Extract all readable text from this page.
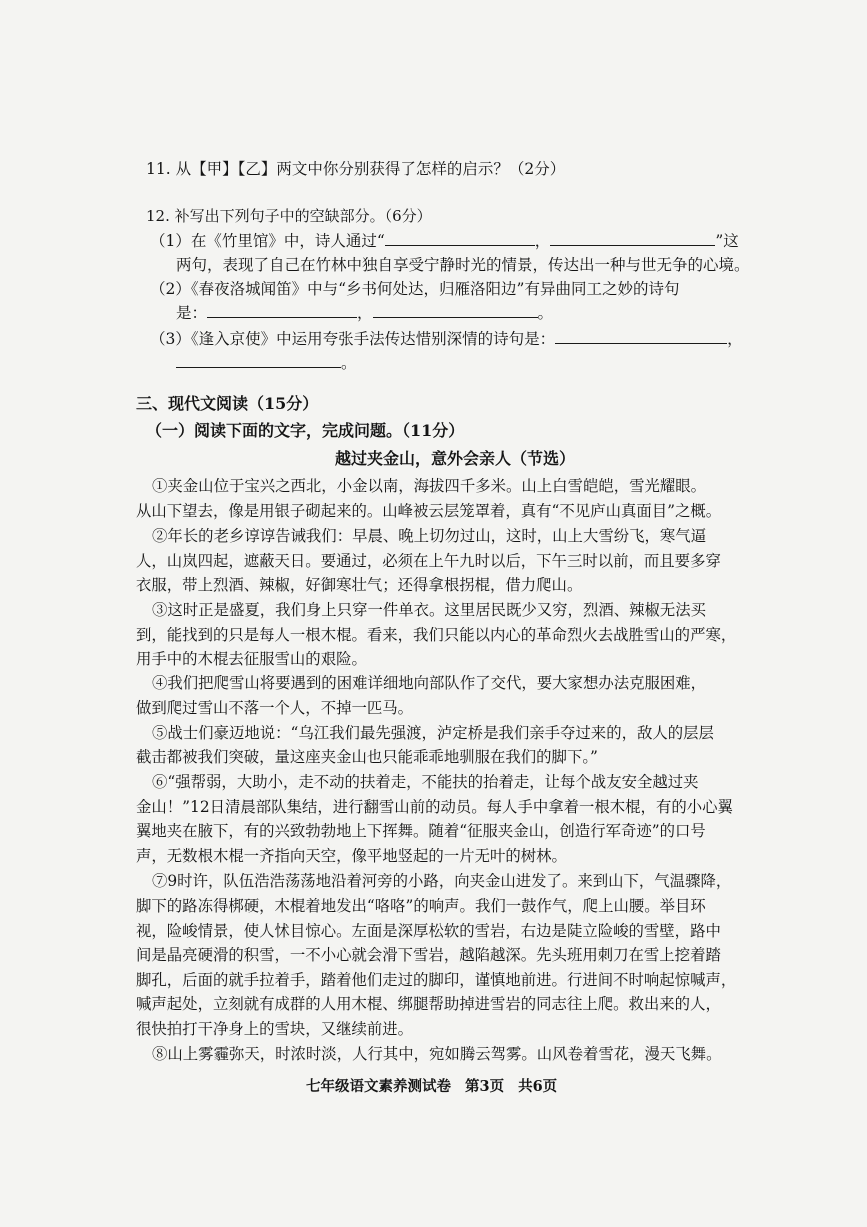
11. 从【甲】【乙】两文中你分别获得了怎样的启示？（2分）
12. 补写出下列句子中的空缺部分。（6分）
（1）在《竹里馆》中，诗人通过“	，	”这
两句，表现了自己在竹林中独自享受宁静时光的情景，传达出一种与世无争的心境。
（2）《春夜洛城闻笛》中与“乡书何处达，归雁洛阳边”有异曲同工之妙的诗句
是：	，	。
（3）《逢入京使》中运用夸张手法传达惜别深情的诗句是：	，
。
三、现代文阅读（15分）
（一）阅读下面的文字，完成问题。（11分）
越过夹金山，意外会亲人（节选）
①夹金山位于宝兴之西北，小金以南，海拔四千多米。山上白雪皑皑，雪光耀眼。
从山下望去，像是用银子砌起来的。山峰被云层笼罩着，真有“不见庐山真面目”之概。
②年长的老乡谆谆告诫我们：早晨、晚上切勿过山，这时，山上大雪纷飞，寒气逼
人，山岚四起，遮蔽天日。要通过，必须在上午九时以后，下午三时以前，而且要多穿
衣服，带上烈酒、辣椒，好御寒壮气；还得拿根拐棍，借力爬山。
③这时正是盛夏，我们身上只穿一件单衣。这里居民既少又穷，烈酒、辣椒无法买
到，能找到的只是每人一根木棍。看来，我们只能以内心的革命烈火去战胜雪山的严寒，
用手中的木棍去征服雪山的艰险。
④我们把爬雪山将要遇到的困难详细地向部队作了交代，要大家想办法克服困难，
做到爬过雪山不落一个人，不掉一匹马。
⑤战士们豪迈地说：“乌江我们最先强渡，泸定桥是我们亲手夺过来的，敌人的层层
截击都被我们突破，量这座夹金山也只能乖乖地驯服在我们的脚下。”
⑥“强帮弱，大助小，走不动的扶着走，不能扶的抬着走，让每个战友安全越过夹
金山！”12日清晨部队集结，进行翻雪山前的动员。每人手中拿着一根木棍，有的小心翼
翼地夹在腋下，有的兴致勃勃地上下挥舞。随着“征服夹金山，创造行军奇迹”的口号
声，无数根木棍一齐指向天空，像平地竖起的一片无叶的树林。
⑦9时许，队伍浩浩荡荡地沿着河旁的小路，向夹金山进发了。来到山下，气温骤降，
脚下的路冻得梆硬，木棍着地发出“咯咯”的响声。我们一鼓作气，爬上山腰。举目环
视，险峻情景，使人怵目惊心。左面是深厚松软的雪岩，右边是陡立险峻的雪壁，路中
间是晶亮硬滑的积雪，一不小心就会滑下雪岩，越陷越深。先头班用刺刀在雪上挖着踏
脚孔，后面的就手拉着手，踏着他们走过的脚印，谨慎地前进。行进间不时响起惊喊声，
喊声起处，立刻就有成群的人用木棍、绑腿帮助掉进雪岩的同志往上爬。救出来的人，
很快拍打干净身上的雪块，又继续前进。
⑧山上雾霾弥天，时浓时淡，人行其中，宛如腾云驾雾。山风卷着雪花，漫天飞舞。
七年级语文素养测试卷 第3页 共6页
